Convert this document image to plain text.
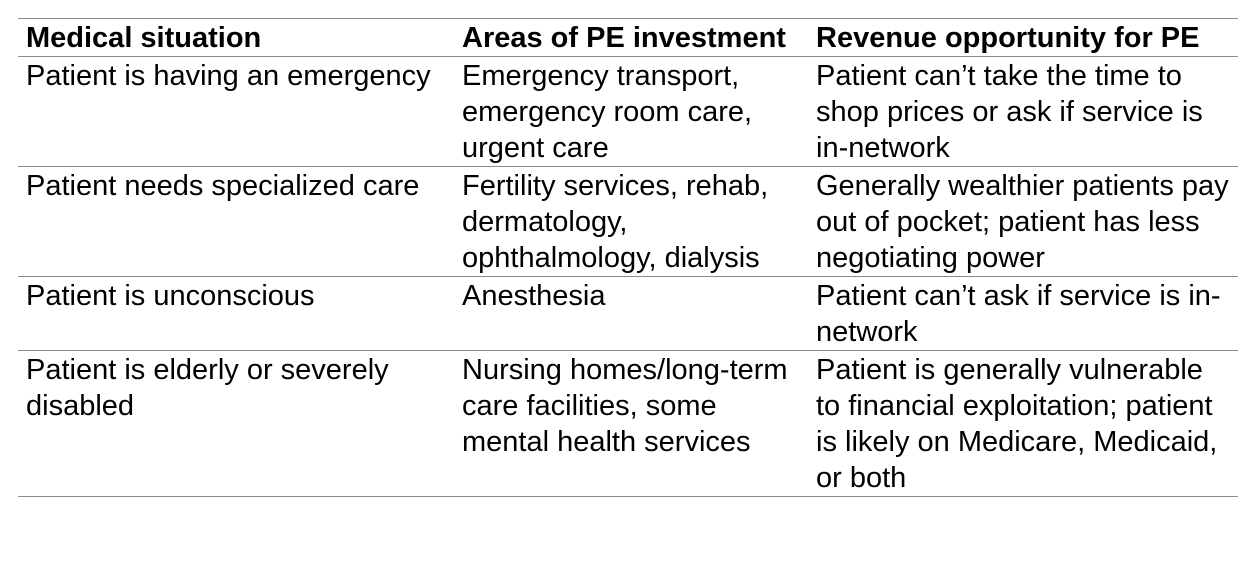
Medical situation	Areas of PE investment	Revenue opportunity for PE
Patient is having an emergency	Emergency transport, emergency room care, urgent care	Patient can’t take the time to shop prices or ask if service is in-network
Patient needs specialized care	Fertility services, rehab, dermatology, ophthalmology, dialysis	Generally wealthier patients pay out of pocket; patient has less negotiating power
Patient is unconscious	Anesthesia	Patient can’t ask if service is in-network
Patient is elderly or severely disabled	Nursing homes/long-term care facilities, some mental health services	Patient is generally vulnerable to financial exploitation; patient is likely on Medicare, Medicaid, or both
